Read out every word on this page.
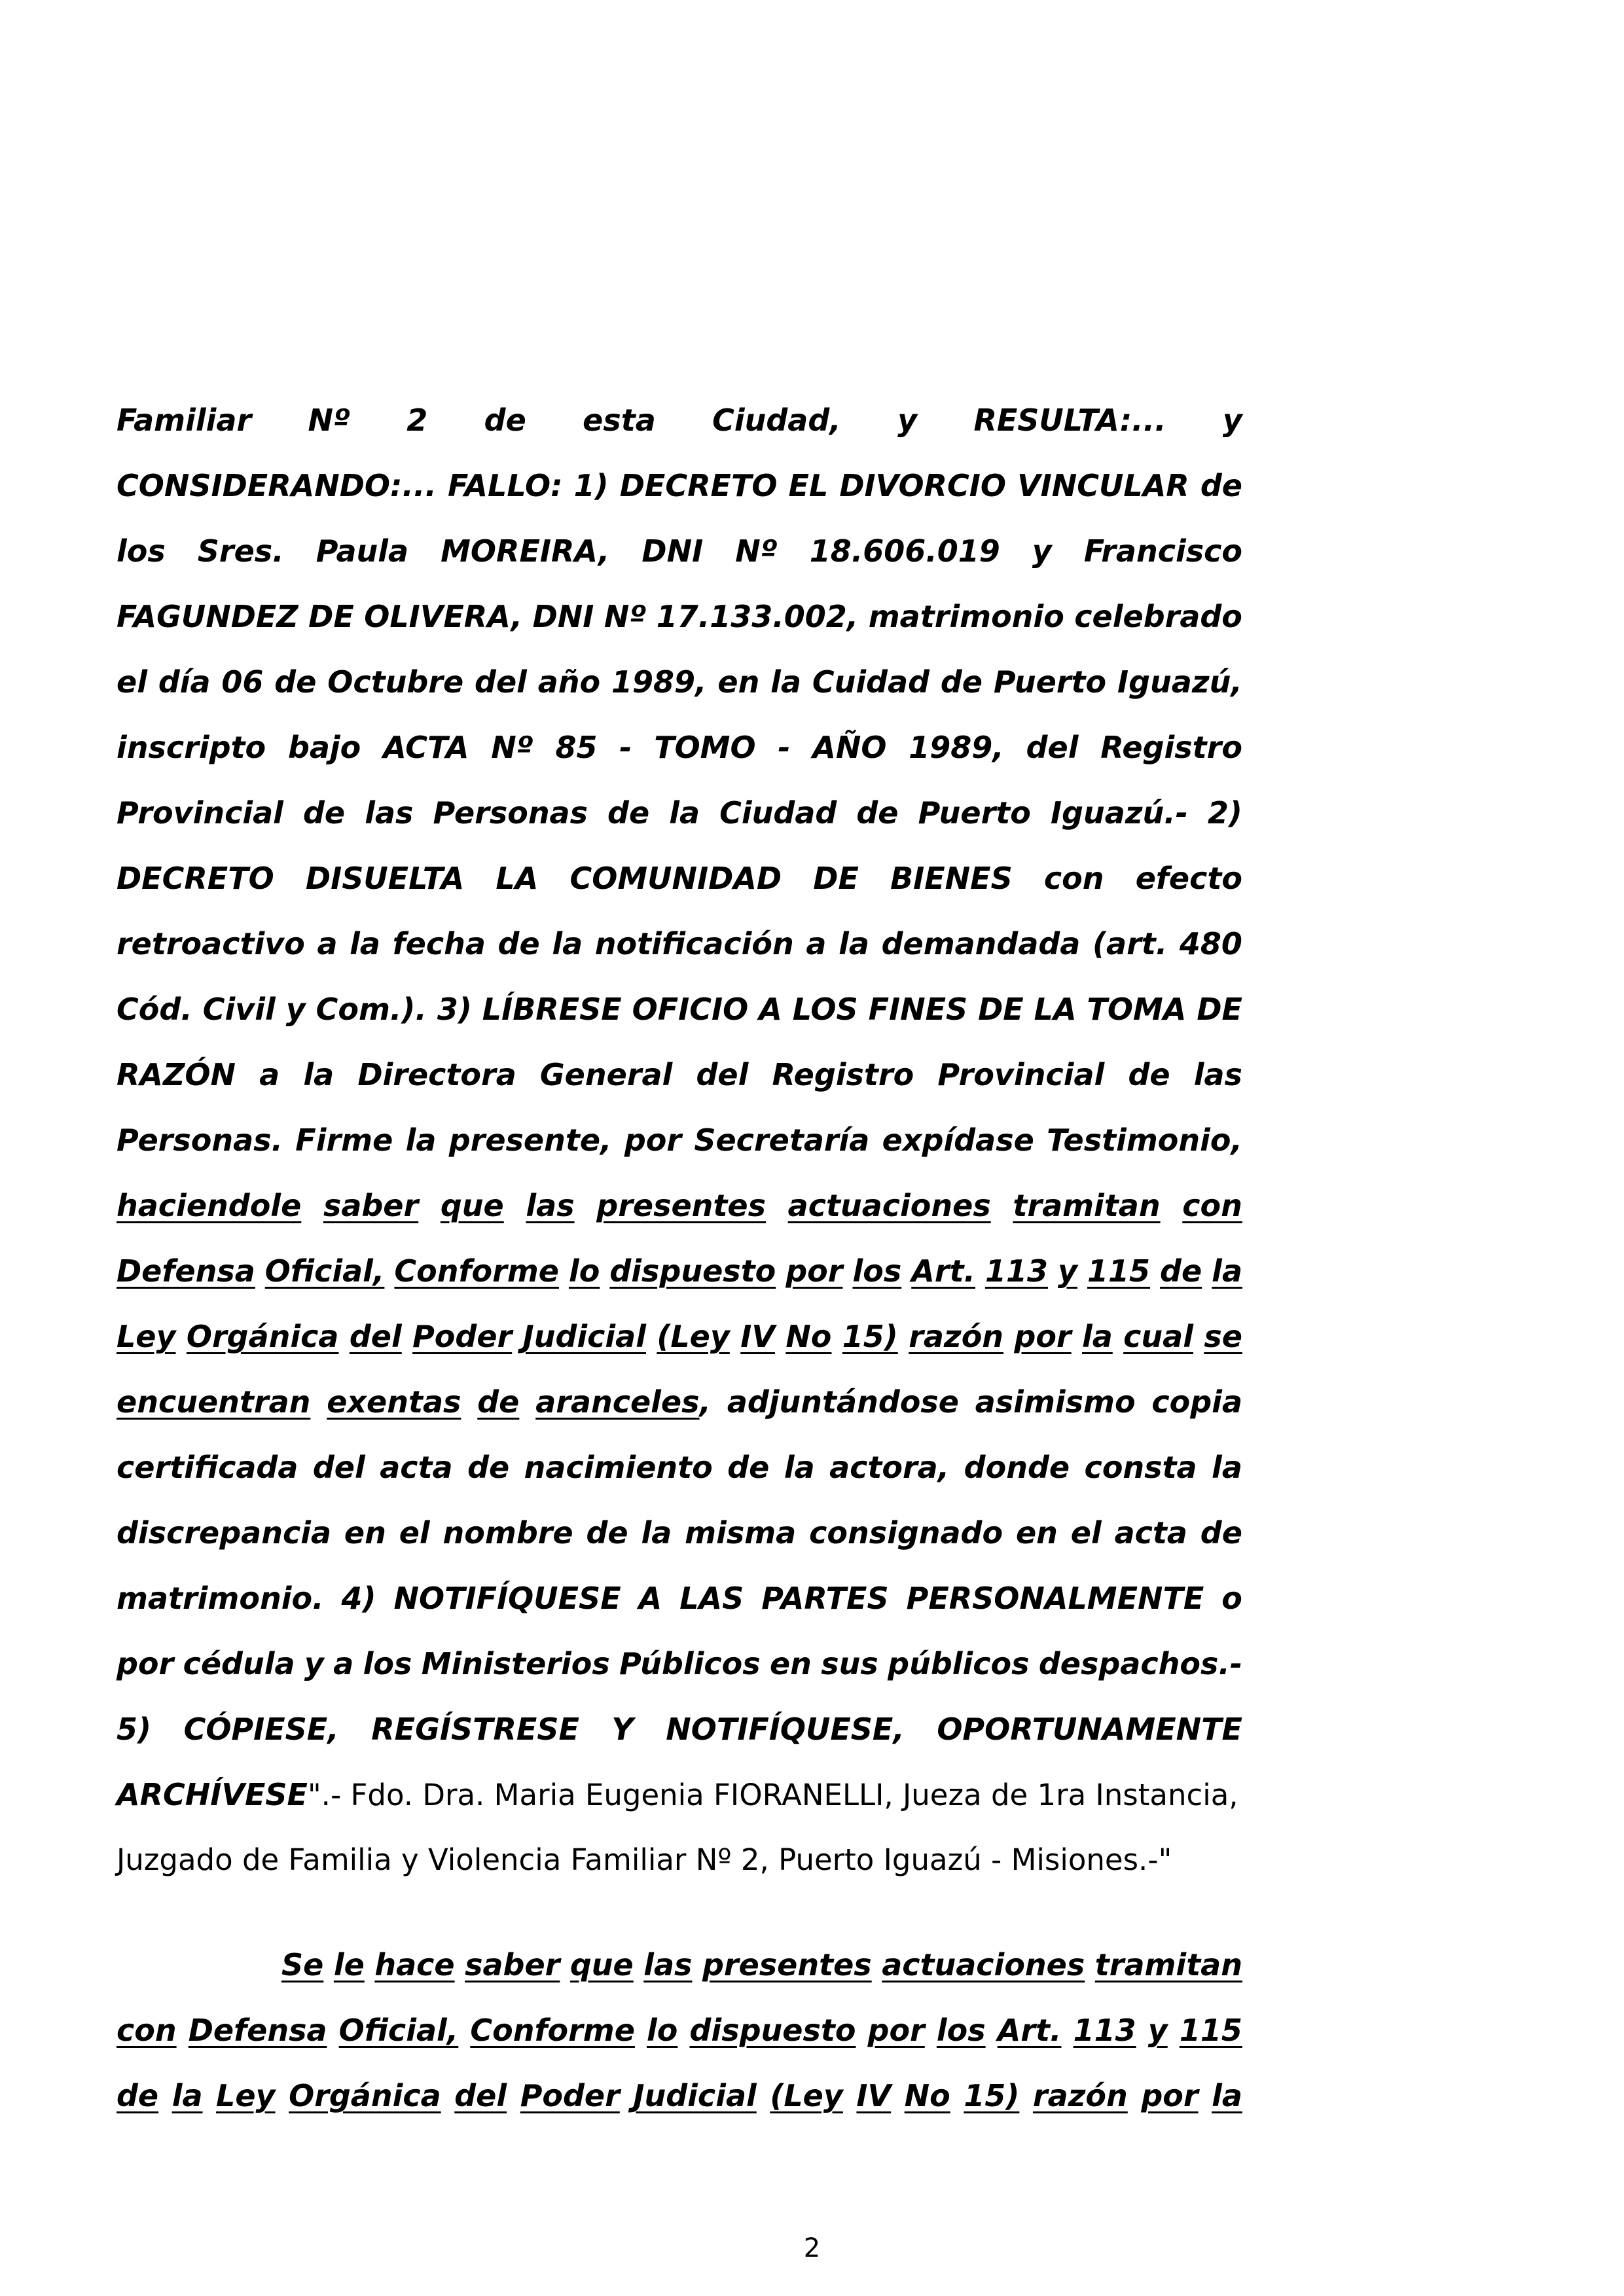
Familiar Nº 2 de esta Ciudad, y RESULTA:... y
CONSIDERANDO:... FALLO: 1) DECRETO EL DIVORCIO VINCULAR de
los Sres. Paula MOREIRA, DNI Nº 18.606.019 y Francisco
FAGUNDEZ DE OLIVERA, DNI Nº 17.133.002, matrimonio celebrado
el día 06 de Octubre del año 1989, en la Cuidad de Puerto Iguazú,
inscripto bajo ACTA Nº 85 - TOMO - AÑO 1989, del Registro
Provincial de las Personas de la Ciudad de Puerto Iguazú.- 2)
DECRETO DISUELTA LA COMUNIDAD DE BIENES con efecto
retroactivo a la fecha de la notificación a la demandada (art. 480
Cód. Civil y Com.). 3) LÍBRESE OFICIO A LOS FINES DE LA TOMA DE
RAZÓN a la Directora General del Registro Provincial de las
Personas. Firme la presente, por Secretaría expídase Testimonio,
haciendole saber que las presentes actuaciones tramitan con
Defensa Oficial, Conforme lo dispuesto por los Art. 113 y 115 de la
Ley Orgánica del Poder Judicial (Ley IV No 15) razón por la cual se
encuentran exentas de aranceles, adjuntándose asimismo copia
certificada del acta de nacimiento de la actora, donde consta la
discrepancia en el nombre de la misma consignado en el acta de
matrimonio. 4) NOTIFÍQUESE A LAS PARTES PERSONALMENTE o
por cédula y a los Ministerios Públicos en sus públicos despachos.-
5) CÓPIESE, REGÍSTRESE Y NOTIFÍQUESE, OPORTUNAMENTE
ARCHÍVESE ".- Fdo. Dra. Maria Eugenia FIORANELLI, Jueza de 1ra Instancia,
Juzgado de Familia y Violencia Familiar Nº 2, Puerto Iguazú - Misiones.-"
Se le hace saber que las presentes actuaciones tramitan
con Defensa Oficial, Conforme lo dispuesto por los Art. 113 y 115
de la Ley Orgánica del Poder Judicial (Ley IV No 15) razón por la
2
